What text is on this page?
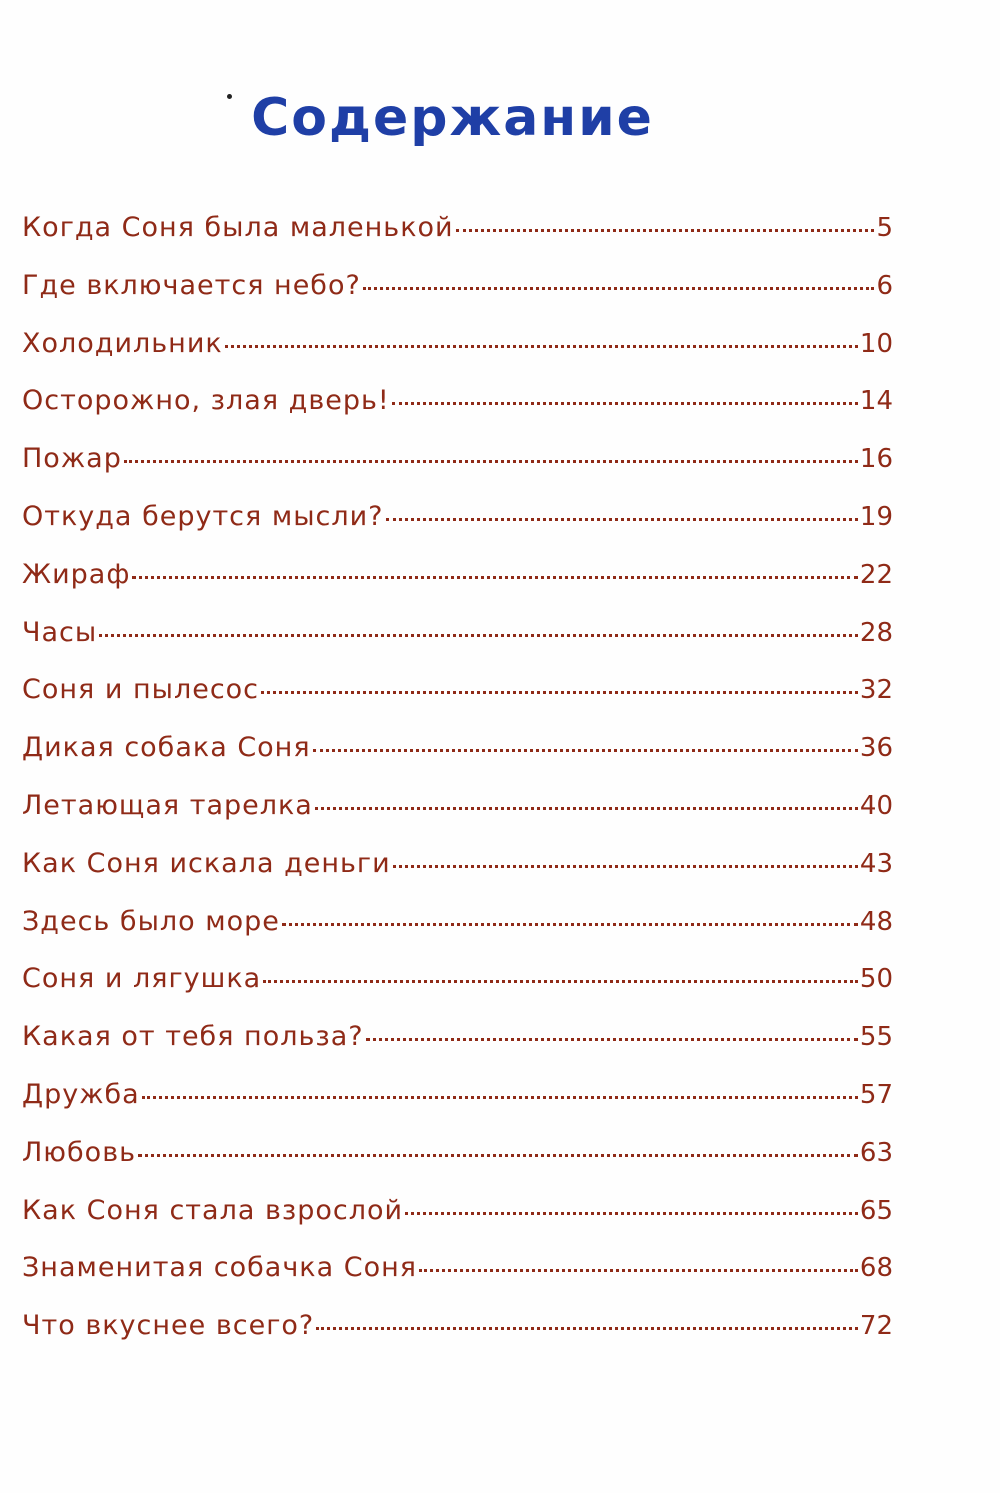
Содержание
Когда Соня была маленькой	5
Где включается небо?	6
Холодильник	10
Осторожно, злая дверь!	14
Пожар	16
Откуда берутся мысли?	19
Жираф	22
Часы	28
Соня и пылесос	32
Дикая собака Соня	36
Летающая тарелка	40
Как Соня искала деньги	43
Здесь было море	48
Соня и лягушка	50
Какая от тебя польза?	55
Дружба	57
Любовь	63
Как Соня стала взрослой	65
Знаменитая собачка Соня	68
Что вкуснее всего?	72
